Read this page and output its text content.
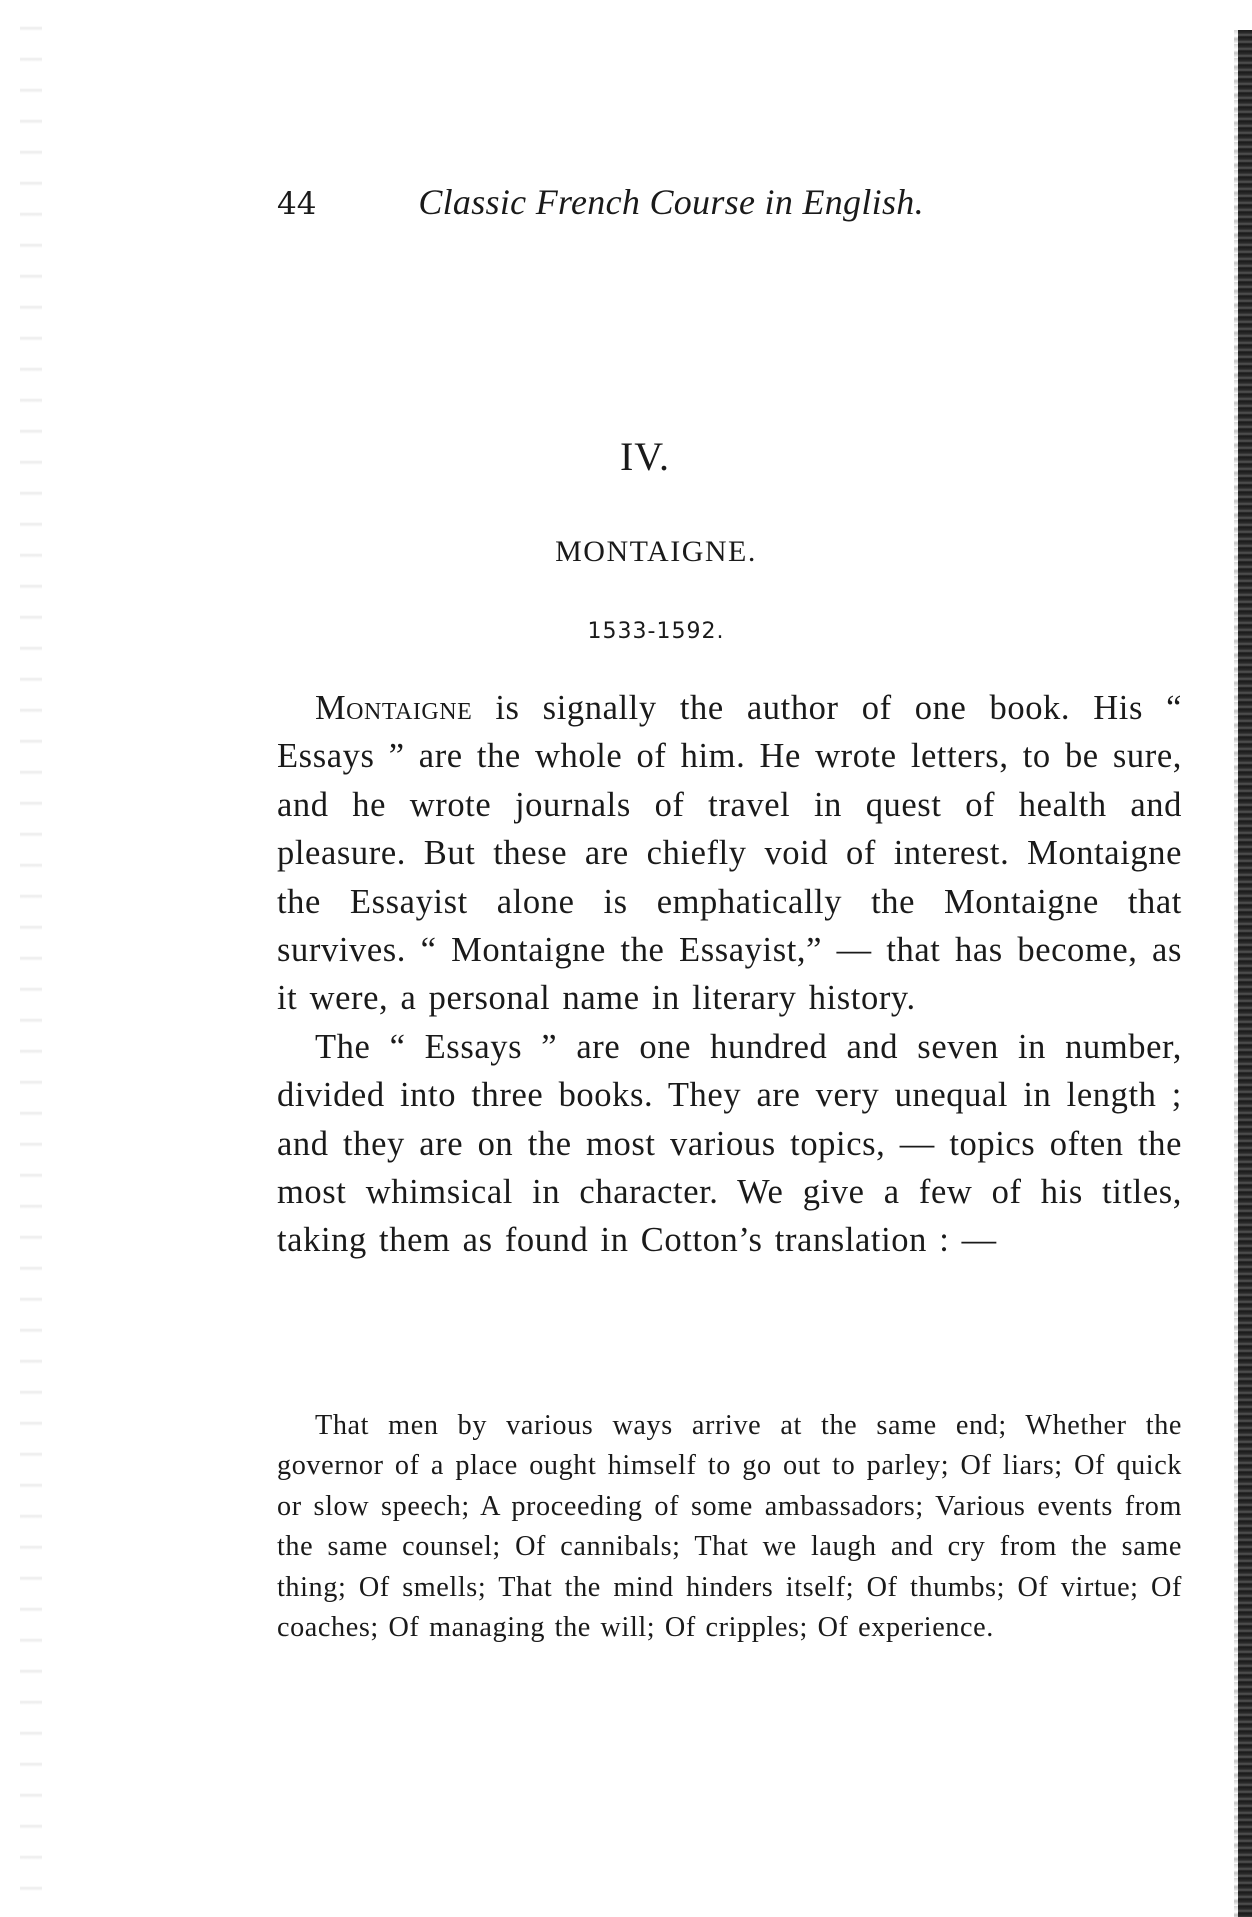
44	Classic French Course in English.
IV.
MONTAIGNE.
1533-1592.

Montaigne is signally the author of one book. His “ Essays ” are the whole of him. He wrote letters, to be sure, and he wrote journals of travel in quest of health and pleasure. But these are chiefly void of interest. Montaigne the Essayist alone is emphatically the Montaigne that survives. “ Montaigne the Essayist,” — that has become, as it were, a personal name in literary history.

The “ Essays ” are one hundred and seven in number, divided into three books. They are very unequal in length ; and they are on the most various topics, — topics often the most whimsical in character. We give a few of his titles, taking them as found in Cotton’s translation : —

That men by various ways arrive at the same end; Whether the governor of a place ought himself to go out to parley; Of liars; Of quick or slow speech; A proceeding of some ambassadors; Various events from the same counsel; Of cannibals; That we laugh and cry from the same thing; Of smells; That the mind hinders itself; Of thumbs; Of virtue; Of coaches; Of managing the will; Of cripples; Of experience.
